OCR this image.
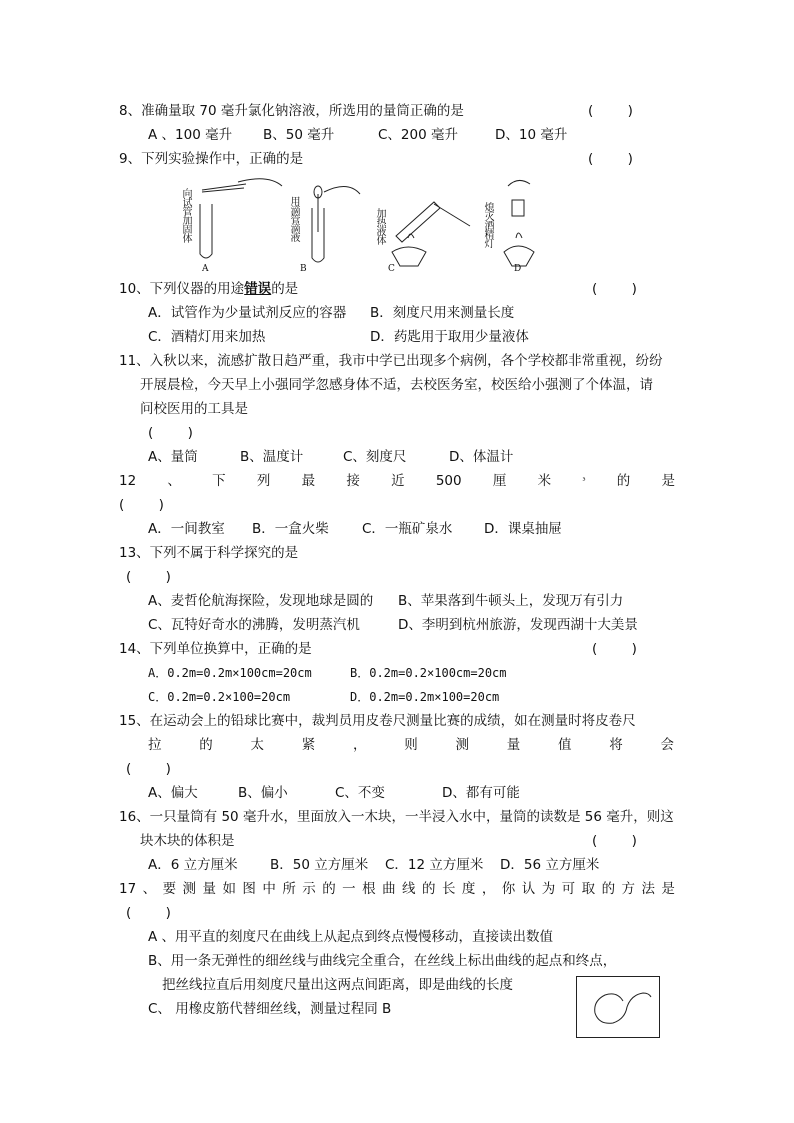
8、准确量取 70 毫升氯化钠溶液，所选用的量筒正确的是	(        )
A 、100 毫升 B、50 毫升	C、200 毫升	D、10 毫升
9、下列实验操作中，正确的是	(        )
向试管加固体	用滴管滴液	加热液体	熄灭酒精灯
A	B	C	D
10、下列仪器的用途错误的是	(        )
A．试管作为少量试剂反应的容器 B．刻度尺用来测量长度
C．酒精灯用来加热	D．药匙用于取用少量液体
11、入秋以来，流感扩散日趋严重，我市中学已出现多个病例，各个学校都非常重视，纷纷
开展晨检，今天早上小强同学忽感身体不适，去校医务室，校医给小强测了个体温，请
问校医用的工具是
(        )
A、量筒	B、温度计	C、刻度尺	D、体温计
12 、 下 列 最 接 近 500 厘 米	³ 的 是
(        )
A．一间教室 B．一盒火柴 C．一瓶矿泉水 D．课桌抽屉
13、下列不属于科学探究的是
(        )
A、麦哲伦航海探险，发现地球是圆的 B、苹果落到牛顿头上，发现万有引力
C、瓦特好奇水的沸腾，发明蒸汽机	D、李明到杭州旅游，发现西湖十大美景
14、下列单位换算中，正确的是	(        )
A．0.2m=0.2m×100cm=20cm	B．0.2m=0.2×100cm=20cm
C．0.2m=0.2×100=20cm	D．0.2m=0.2m×100=20cm
15、在运动会上的铅球比赛中，裁判员用皮卷尺测量比赛的成绩，如在测量时将皮卷尺
拉	的	太	紧	，	则	测	量	值	将	会
(        )
A、偏大	B、偏小	C、不变	D、都有可能
16、一只量筒有 50 毫升水，里面放入一木块，一半浸入水中，量筒的读数是 56 毫升，则这
块木块的体积是	(        )
A．6 立方厘米 B．50 立方厘米 C．12 立方厘米 D．56 立方厘米
17 、 要 测 量 如 图 中 所 示 的 一 根 曲 线 的 长 度 ， 你 认 为 可 取 的 方 法 是
(        )
A 、用平直的刻度尺在曲线上从起点到终点慢慢移动，直接读出数值
B、用一条无弹性的细丝线与曲线完全重合，在丝线上标出曲线的起点和终点，
把丝线拉直后用刻度尺量出这两点间距离，即是曲线的长度
C、 用橡皮筋代替细丝线，测量过程同 B
